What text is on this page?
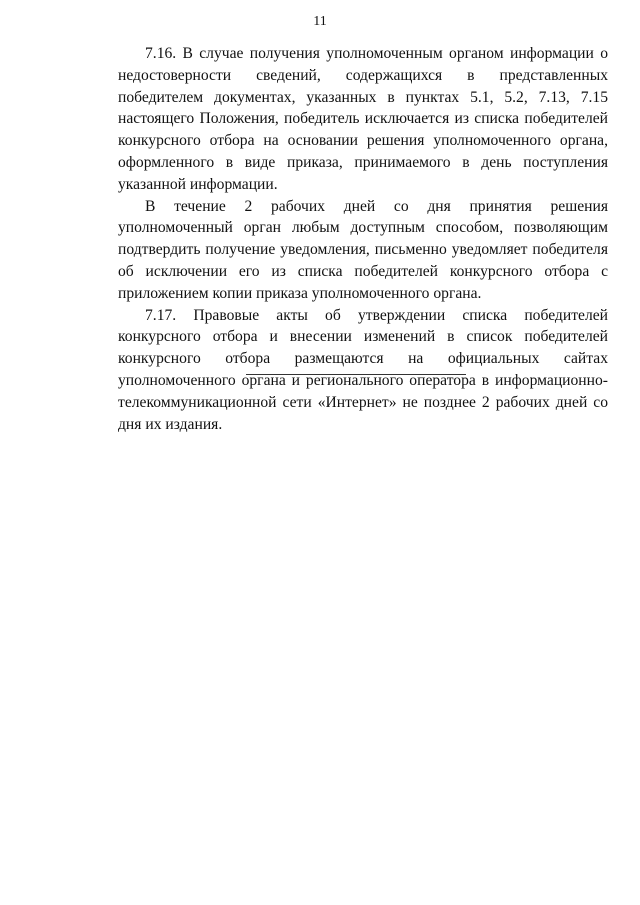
11

7.16. В случае получения уполномоченным органом информации о недостоверности сведений, содержащихся в представленных победителем документах, указанных в пунктах 5.1, 5.2, 7.13, 7.15 настоящего Положения, победитель исключается из списка победителей конкурсного отбора на основании решения уполномоченного органа, оформленного в виде приказа, принимаемого в день поступления указанной информации.

В течение 2 рабочих дней со дня принятия решения уполномоченный орган любым доступным способом, позволяющим подтвердить получение уведомления, письменно уведомляет победителя об исключении его из списка победителей конкурсного отбора с приложением копии приказа уполномоченного органа.

7.17. Правовые акты об утверждении списка победителей конкурсного отбора и внесении изменений в список победителей конкурсного отбора размещаются на официальных сайтах уполномоченного органа и регионального оператора в информационно-телекоммуникационной сети «Интернет» не позднее 2 рабочих дней со дня их издания.
